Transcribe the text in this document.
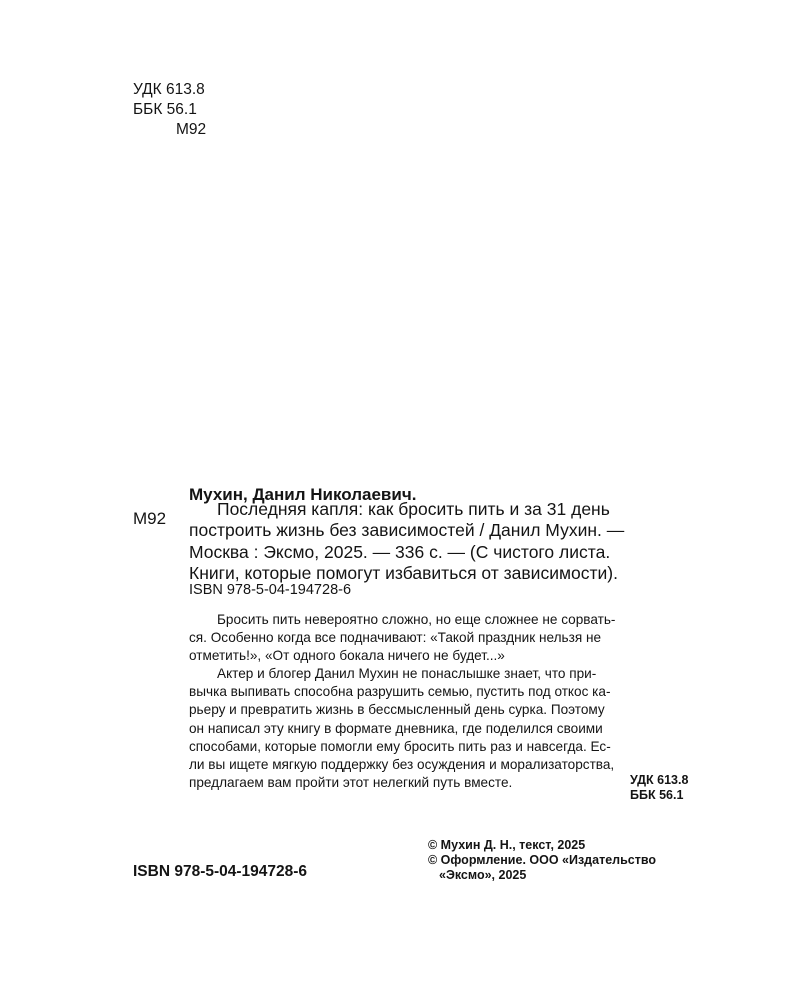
УДК 613.8
ББК 56.1
М92
Мухин, Данил Николаевич.
М92	Последняя капля: как бросить пить и за 31 день
построить жизнь без зависимостей / Данил Мухин. —
Москва : Эксмо, 2025. — 336 с. — (С чистого листа.
Книги, которые помогут избавиться от зависимости).
ISBN 978-5-04-194728-6
Бросить пить невероятно сложно, но еще сложнее не сорвать-
ся. Особенно когда все подначивают: «Такой праздник нельзя не
отметить!», «От одного бокала ничего не будет...»
Актер и блогер Данил Мухин не понаслышке знает, что при-
вычка выпивать способна разрушить семью, пустить под откос ка-
рьеру и превратить жизнь в бессмысленный день сурка. Поэтому
он написал эту книгу в формате дневника, где поделился своими
способами, которые помогли ему бросить пить раз и навсегда. Ес-
ли вы ищете мягкую поддержку без осуждения и морализаторства,
предлагаем вам пройти этот нелегкий путь вместе.	УДК 613.8
ББК 56.1
© Мухин Д. Н., текст, 2025
© Оформление. ООО «Издательство
«Эксмо», 2025
ISBN 978-5-04-194728-6
